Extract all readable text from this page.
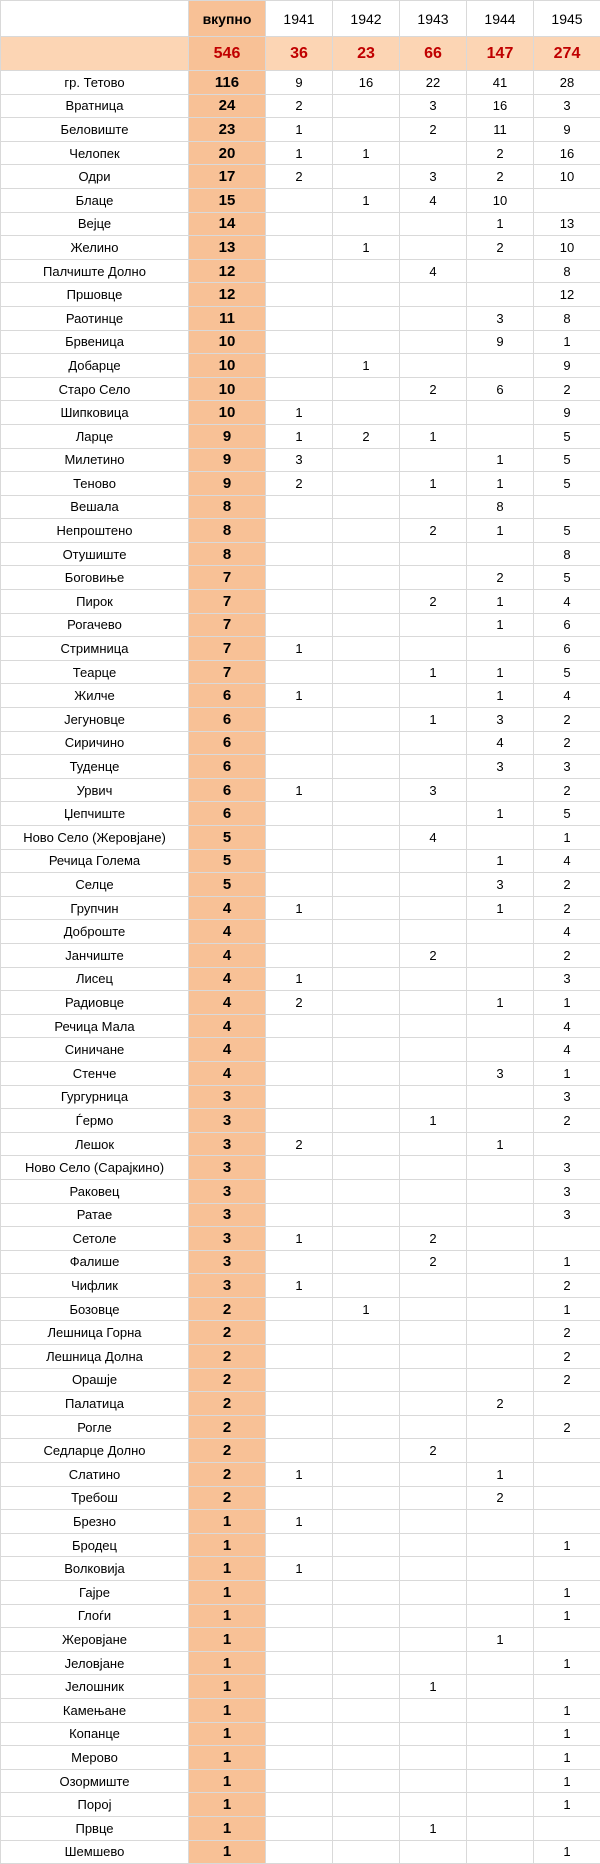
	вкупно	1941	1942	1943	1944	1945
	546	36	23	66	147	274
гр. Тетово	116	9	16	22	41	28
Вратница	24	2		3	16	3
Беловиште	23	1		2	11	9
Челопек	20	1	1		2	16
Одри	17	2		3	2	10
Блаце	15		1	4	10	
Вејце	14				1	13
Желино	13		1		2	10
Палчиште Долно	12			4		8
Пршовце	12					12
Раотинце	11				3	8
Брвеница	10				9	1
Добарце	10		1			9
Старо Село	10			2	6	2
Шипковица	10	1				9
Ларце	9	1	2	1		5
Милетино	9	3			1	5
Теново	9	2		1	1	5
Вешала	8				8	
Непроштено	8			2	1	5
Отушиште	8					8
Боговиње	7				2	5
Пирок	7			2	1	4
Рогачево	7				1	6
Стримница	7	1				6
Теарце	7			1	1	5
Жилче	6	1			1	4
Јегуновце	6			1	3	2
Сиричино	6				4	2
Туденце	6				3	3
Урвич	6	1		3		2
Џепчиште	6				1	5
Ново Село (Жеровјане)	5			4		1
Речица Голема	5				1	4
Селце	5				3	2
Групчин	4	1			1	2
Доброште	4					4
Јанчиште	4			2		2
Лисец	4	1				3
Радиовце	4	2			1	1
Речица Мала	4					4
Синичане	4					4
Стенче	4				3	1
Гургурница	3					3
Ѓермо	3			1		2
Лешок	3	2			1	
Ново Село (Сарајкино)	3					3
Раковец	3					3
Ратае	3					3
Сетоле	3	1		2		
Фалише	3			2		1
Чифлик	3	1				2
Бозовце	2		1			1
Лешница Горна	2					2
Лешница Долна	2					2
Орашје	2					2
Палатица	2				2	
Рогле	2					2
Седларце Долно	2			2		
Слатино	2	1			1	
Требош	2				2	
Брезно	1	1				
Бродец	1					1
Волковија	1	1				
Гајре	1					1
Глоѓи	1					1
Жеровјане	1				1	
Јеловјане	1					1
Јелошник	1			1		
Камењане	1					1
Копанце	1					1
Мерово	1					1
Озормиште	1					1
Порој	1					1
Првце	1			1		
Шемшево	1					1
